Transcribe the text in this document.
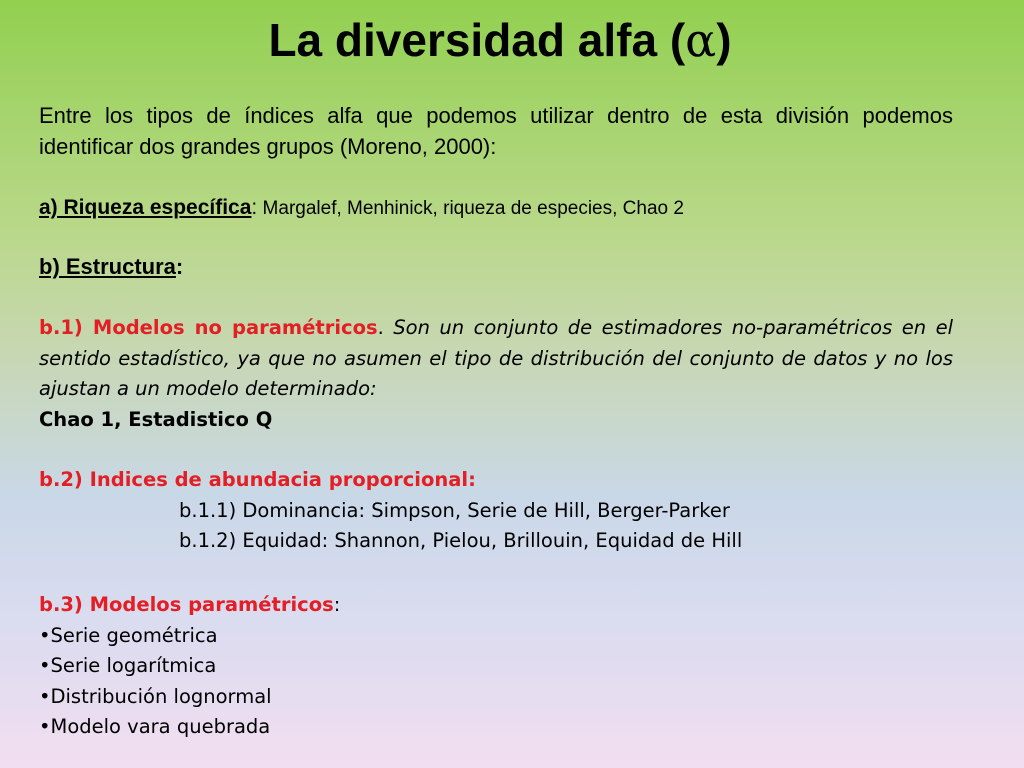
La diversidad alfa (α)
Entre los tipos de índices alfa que podemos utilizar dentro de esta división podemos identificar dos grandes grupos (Moreno, 2000):
a) Riqueza específica: Margalef, Menhinick, riqueza de especies, Chao 2
b) Estructura:
b.1) Modelos no paramétricos. Son un conjunto de estimadores no-paramétricos en el sentido estadístico, ya que no asumen el tipo de distribución del conjunto de datos y no los ajustan a un modelo determinado:
Chao 1, Estadistico Q
b.2) Indices de abundacia proporcional:
b.1.1) Dominancia: Simpson, Serie de Hill, Berger-Parker
b.1.2) Equidad: Shannon, Pielou, Brillouin, Equidad de Hill
b.3) Modelos paramétricos:
•Serie geométrica
•Serie logarítmica
•Distribución lognormal
•Modelo vara quebrada
